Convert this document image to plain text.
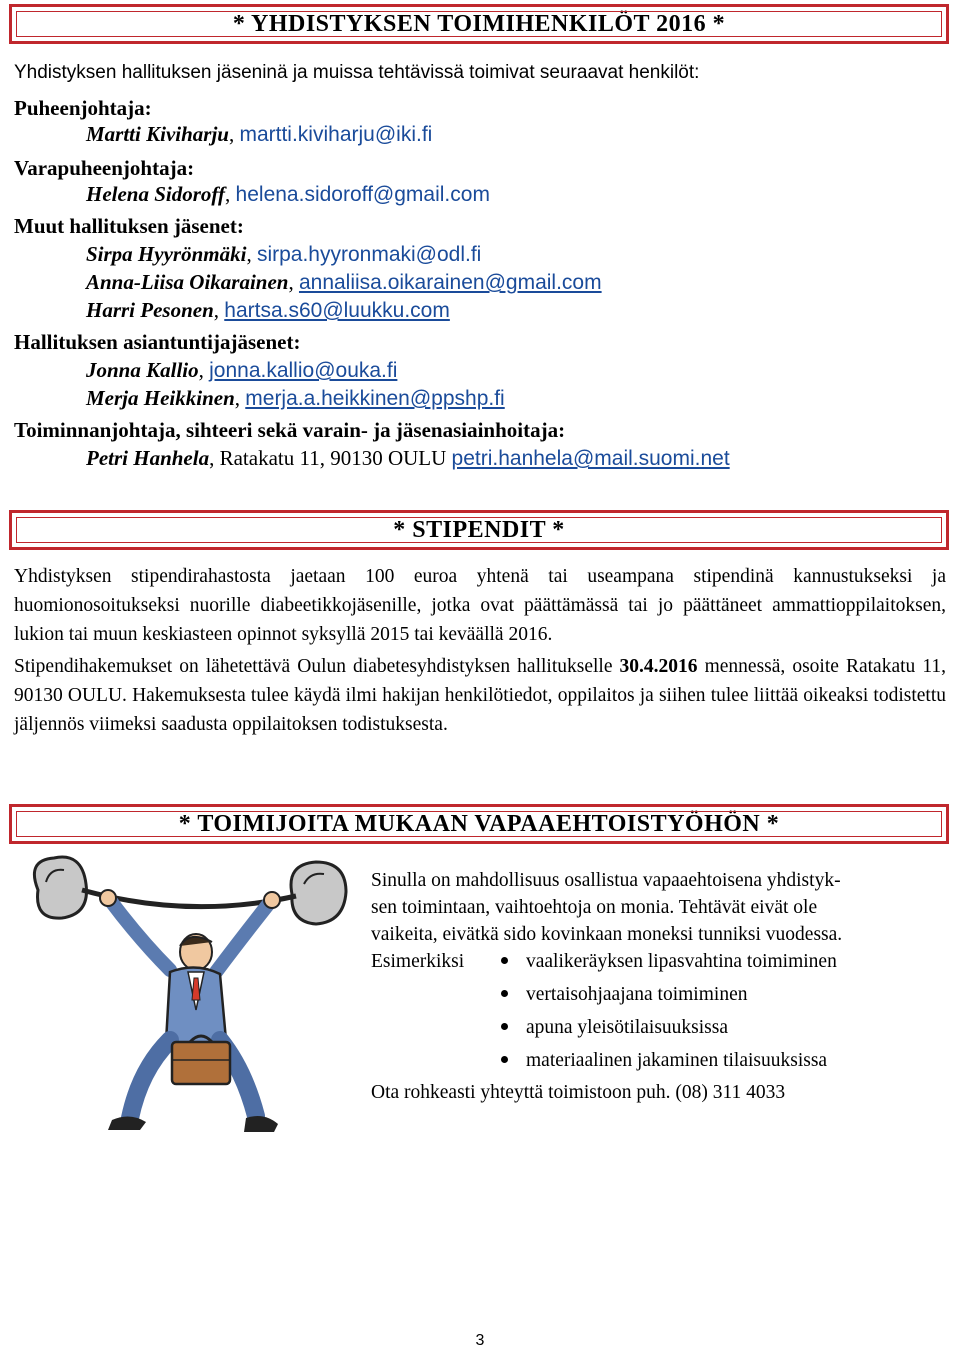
* YHDISTYKSEN TOIMIHENKILÖT 2016 *
Yhdistyksen hallituksen jäseninä ja muissa tehtävissä toimivat seuraavat henkilöt:
Puheenjohtaja:
Martti Kiviharju, martti.kiviharju@iki.fi
Varapuheenjohtaja:
Helena Sidoroff, helena.sidoroff@gmail.com
Muut hallituksen jäsenet:
Sirpa Hyyrönmäki, sirpa.hyyronmaki@odl.fi
Anna-Liisa Oikarainen, annaliisa.oikarainen@gmail.com
Harri Pesonen, hartsa.s60@luukku.com
Hallituksen asiantuntijajäsenet:
Jonna Kallio, jonna.kallio@ouka.fi
Merja Heikkinen, merja.a.heikkinen@ppshp.fi
Toiminnanjohtaja, sihteeri sekä varain- ja jäsenasiainhoitaja:
Petri Hanhela, Ratakatu 11, 90130 OULU petri.hanhela@mail.suomi.net
* STIPENDIT *
Yhdistyksen stipendirahastosta jaetaan 100 euroa yhtenä tai useampana stipendinä kannustukseksi ja huomionosoitukseksi nuorille diabeetikkojäsenille, jotka ovat päättämässä tai jo päättäneet ammattioppilaitoksen, lukion tai muun keskiasteen opinnot syksyllä 2015 tai keväällä 2016.
Stipendihakemukset on lähetettävä Oulun diabetesyhdistyksen hallitukselle 30.4.2016 mennessä, osoite Ratakatu 11, 90130 OULU. Hakemuksesta tulee käydä ilmi hakijan henkilötiedot, oppilaitos ja siihen tulee liittää oikeaksi todistettu jäljennös viimeksi saadusta oppilaitoksen todistuksesta.
* TOIMIJOITA MUKAAN VAPAAEHTOISTYÖHÖN *
Sinulla on mahdollisuus osallistua vapaaehtoisena yhdistyk-
sen toimintaan, vaihtoehtoja on monia. Tehtävät eivät ole
vaikeita, eivätkä sido kovinkaan moneksi tunniksi vuodessa.
Esimerkiksi	vaalikeräyksen lipasvahtina toimiminen
vertaisohjaajana toimiminen
apuna yleisötilaisuuksissa
materiaalinen jakaminen tilaisuuksissa
Ota rohkeasti yhteyttä toimistoon puh. (08) 311 4033
3
